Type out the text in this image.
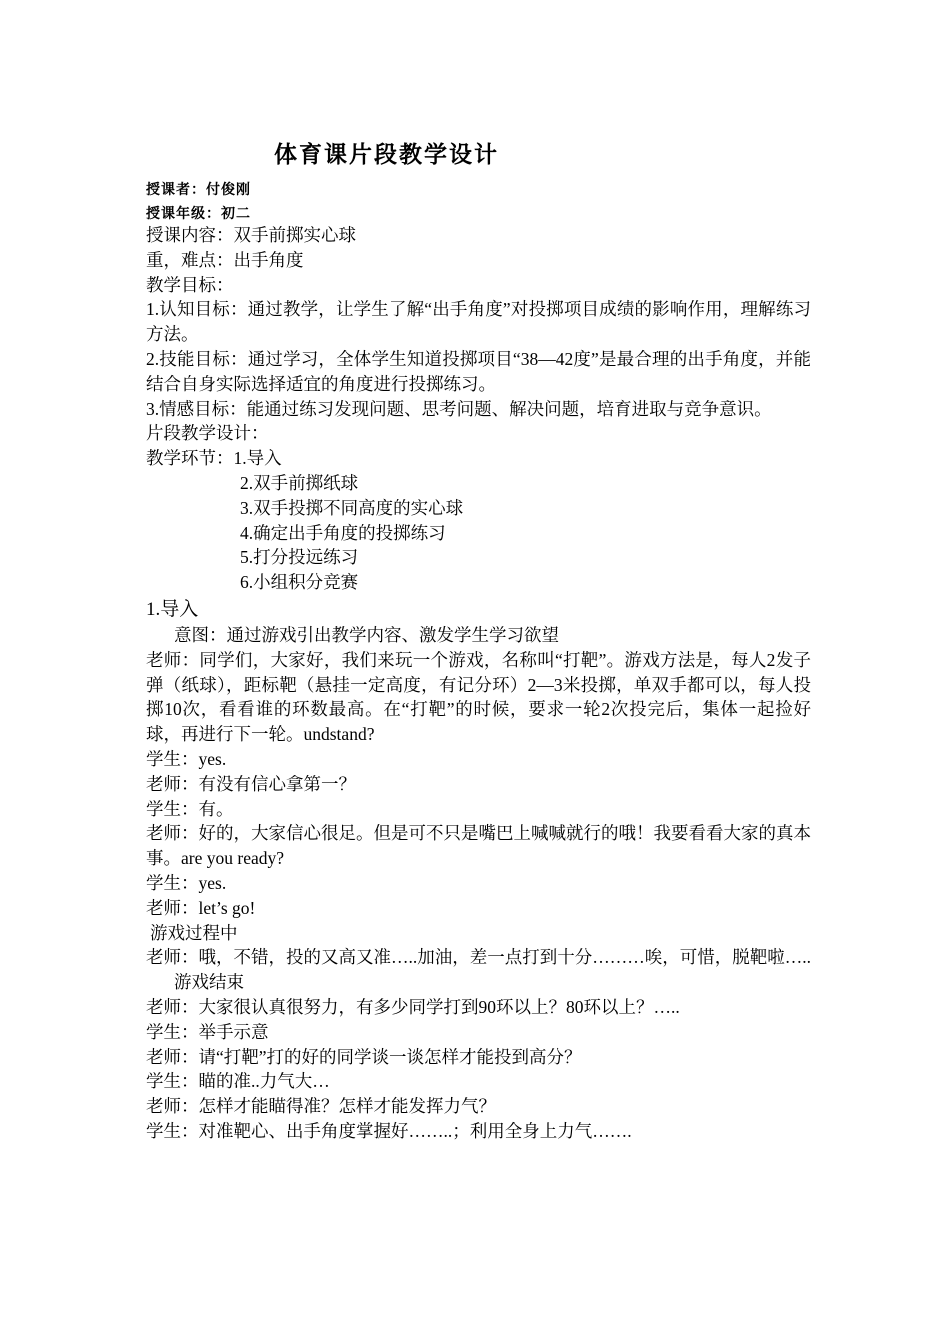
体育课片段教学设计
授课者：付俊刚
授课年级：初二

授课内容：双手前掷实心球

重，难点：出手角度

教学目标：

1.认知目标：通过教学，让学生了解“出手角度”对投掷项目成绩的影响作用，理解练习方法。

2.技能目标：通过学习，全体学生知道投掷项目“38—42度”是最合理的出手角度，并能结合自身实际选择适宜的角度进行投掷练习。

3.情感目标：能通过练习发现问题、思考问题、解决问题，培育进取与竞争意识。

片段教学设计：

教学环节：1.导入

2.双手前掷纸球

3.双手投掷不同高度的实心球

4.确定出手角度的投掷练习

5.打分投远练习

6.小组积分竞赛

1.导入

意图：通过游戏引出教学内容、激发学生学习欲望

老师：同学们，大家好，我们来玩一个游戏，名称叫“打靶”。游戏方法是，每人2发子弹（纸球），距标靶（悬挂一定高度，有记分环）2—3米投掷，单双手都可以，每人投掷10次，看看谁的环数最高。在“打靶”的时候，要求一轮2次投完后，集体一起捡好球，再进行下一轮。undstand?

学生：yes.

老师：有没有信心拿第一？

学生：有。

老师：好的，大家信心很足。但是可不只是嘴巴上喊喊就行的哦！我要看看大家的真本事。are you ready?

学生：yes.

老师：let’s go!

游戏过程中

老师：哦，不错，投的又高又准…..加油，差一点打到十分………唉，可惜，脱靶啦…..

游戏结束

老师：大家很认真很努力，有多少同学打到90环以上？80环以上？…..

学生：举手示意

老师：请“打靶”打的好的同学谈一谈怎样才能投到高分？

学生：瞄的准..力气大…

老师：怎样才能瞄得准？怎样才能发挥力气？

学生：对准靶心、出手角度掌握好……..；利用全身上力气…….
